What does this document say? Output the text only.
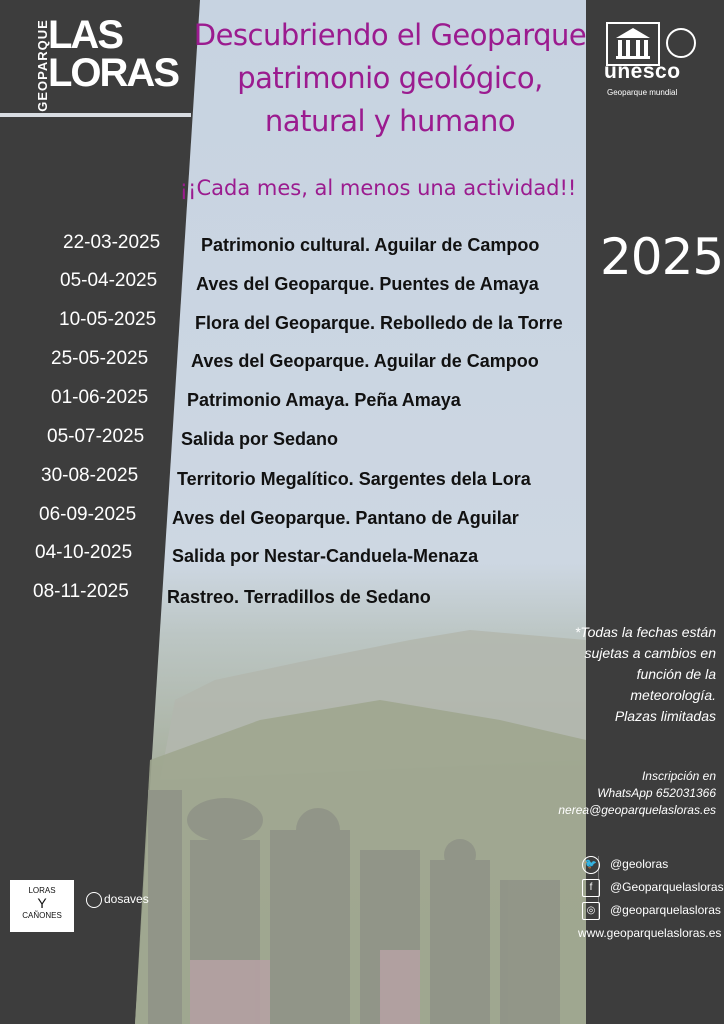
GEOPARQUE
LAS
LORAS
Descubriendo el Geoparque
patrimonio geológico,
natural y humano
¡¡Cada mes, al menos una actividad!!
unesco
Geoparque mundial
2025
22-03-2025 Patrimonio cultural. Aguilar de Campoo
05-04-2025 Aves del Geoparque. Puentes de Amaya
10-05-2025 Flora del Geoparque. Rebolledo de la Torre
25-05-2025 Aves del Geoparque. Aguilar de Campoo
01-06-2025 Patrimonio Amaya. Peña Amaya
05-07-2025 Salida por Sedano
30-08-2025 Territorio Megalítico. Sargentes dela Lora
06-09-2025 Aves del Geoparque. Pantano de Aguilar
04-10-2025 Salida por Nestar-Canduela-Menaza
08-11-2025 Rastreo. Terradillos de Sedano
*Todas la fechas están
sujetas a cambios en
función de la
meteorología.
Plazas limitadas
Inscripción en
WhatsApp 652031366
nerea@geoparquelasloras.es
🐦 @geoloras
f @Geoparquelasloras
◎ @geoparquelasloras
www.geoparquelasloras.es
LORAS
Y
CAÑONES
dosaves
